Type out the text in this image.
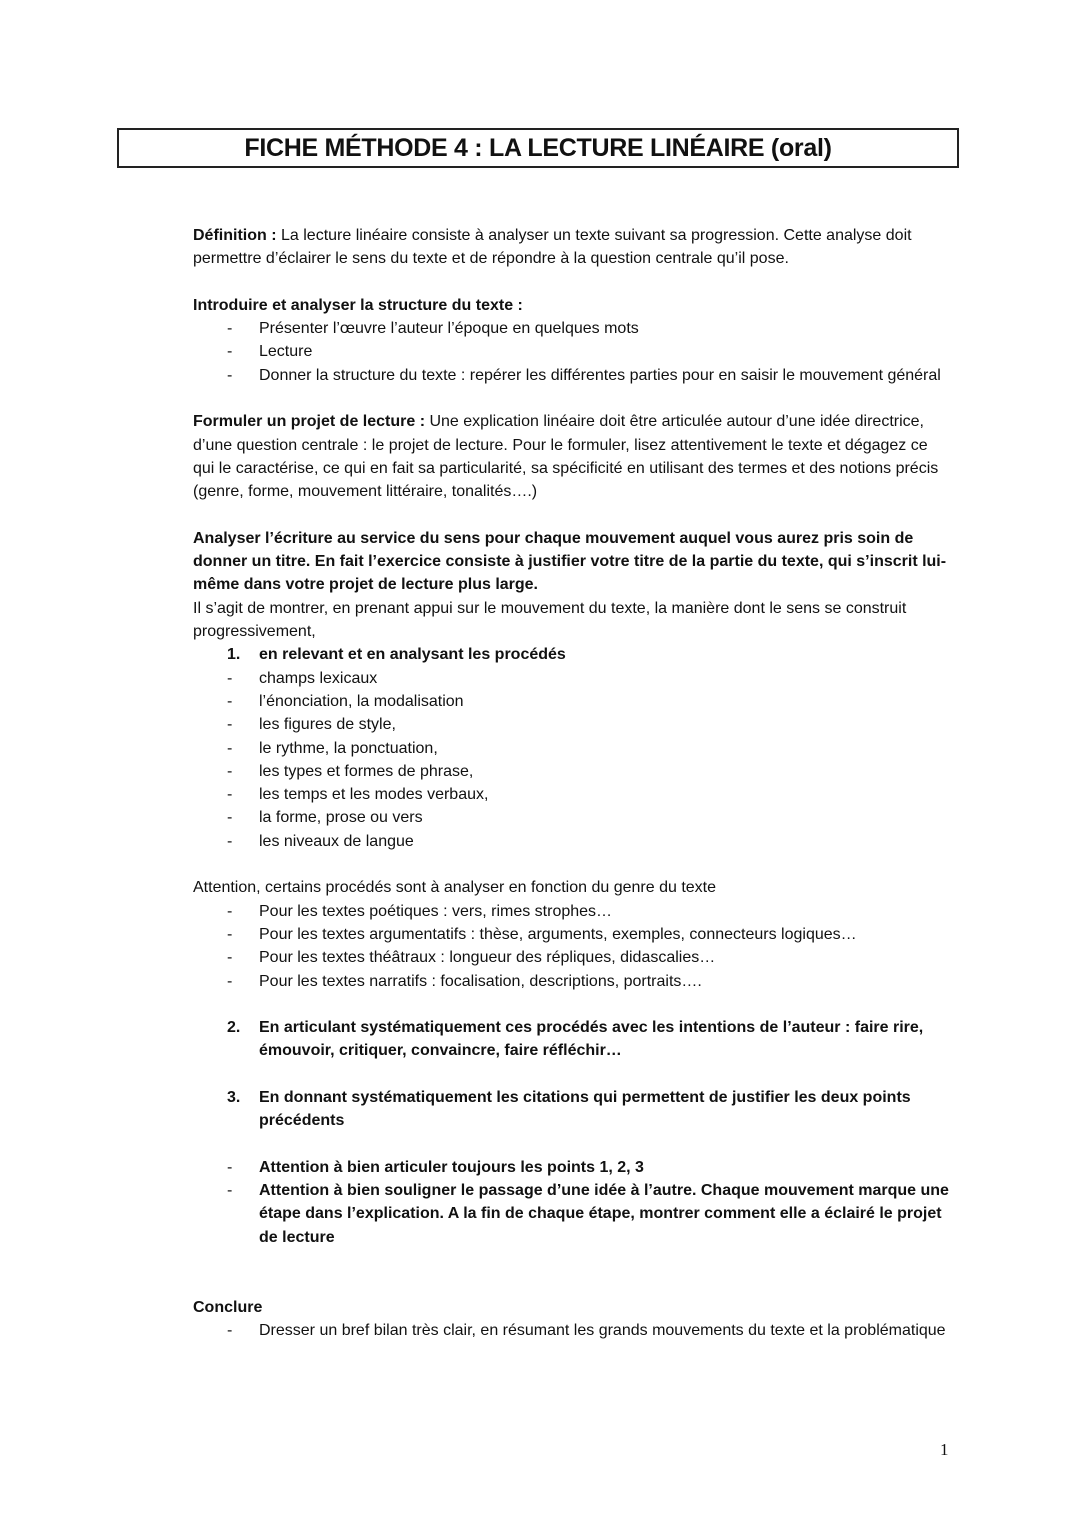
FICHE MÉTHODE 4 : LA LECTURE LINÉAIRE (oral)

Définition : La lecture linéaire consiste à analyser un texte suivant sa progression. Cette analyse doit permettre d’éclairer le sens du texte et de répondre à la question centrale qu’il pose.

Introduire et analyser la structure du texte :

- Présenter l’œuvre l’auteur l’époque en quelques mots
- Lecture
- Donner la structure du texte : repérer les différentes parties pour en saisir le mouvement général

Formuler un projet de lecture : Une explication linéaire doit être articulée autour d’une idée directrice, d’une question centrale : le projet de lecture. Pour le formuler, lisez attentivement le texte et dégagez ce qui le caractérise, ce qui en fait sa particularité, sa spécificité en utilisant des termes et des notions précis (genre, forme, mouvement littéraire, tonalités….)

Analyser l’écriture au service du sens pour chaque mouvement auquel vous aurez pris soin de donner un titre. En fait l’exercice consiste à justifier votre titre de la partie du texte, qui s’inscrit lui-même dans votre projet de lecture plus large.

Il s’agit de montrer, en prenant appui sur le mouvement du texte, la manière dont le sens se construit progressivement,

1. en relevant et en analysant les procédés
- champs lexicaux
- l’énonciation, la modalisation
- les figures de style,
- le rythme, la ponctuation,
- les types et formes de phrase,
- les temps et les modes verbaux,
- la forme, prose ou vers
- les niveaux de langue

Attention, certains procédés sont à analyser en fonction du genre du texte

- Pour les textes poétiques : vers, rimes strophes…
- Pour les textes argumentatifs : thèse, arguments, exemples, connecteurs logiques…
- Pour les textes théâtraux : longueur des répliques, didascalies…
- Pour les textes narratifs : focalisation, descriptions, portraits….
2. En articulant systématiquement ces procédés avec les intentions de l’auteur : faire rire, émouvoir, critiquer, convaincre, faire réfléchir…
3. En donnant systématiquement les citations qui permettent de justifier les deux points précédents
- Attention à bien articuler toujours les points 1, 2, 3
- Attention à bien souligner le passage d’une idée à l’autre. Chaque mouvement marque une étape dans l’explication. A la fin de chaque étape, montrer comment elle a éclairé le projet de lecture

Conclure

- Dresser un bref bilan très clair, en résumant les grands mouvements du texte et la problématique
1
